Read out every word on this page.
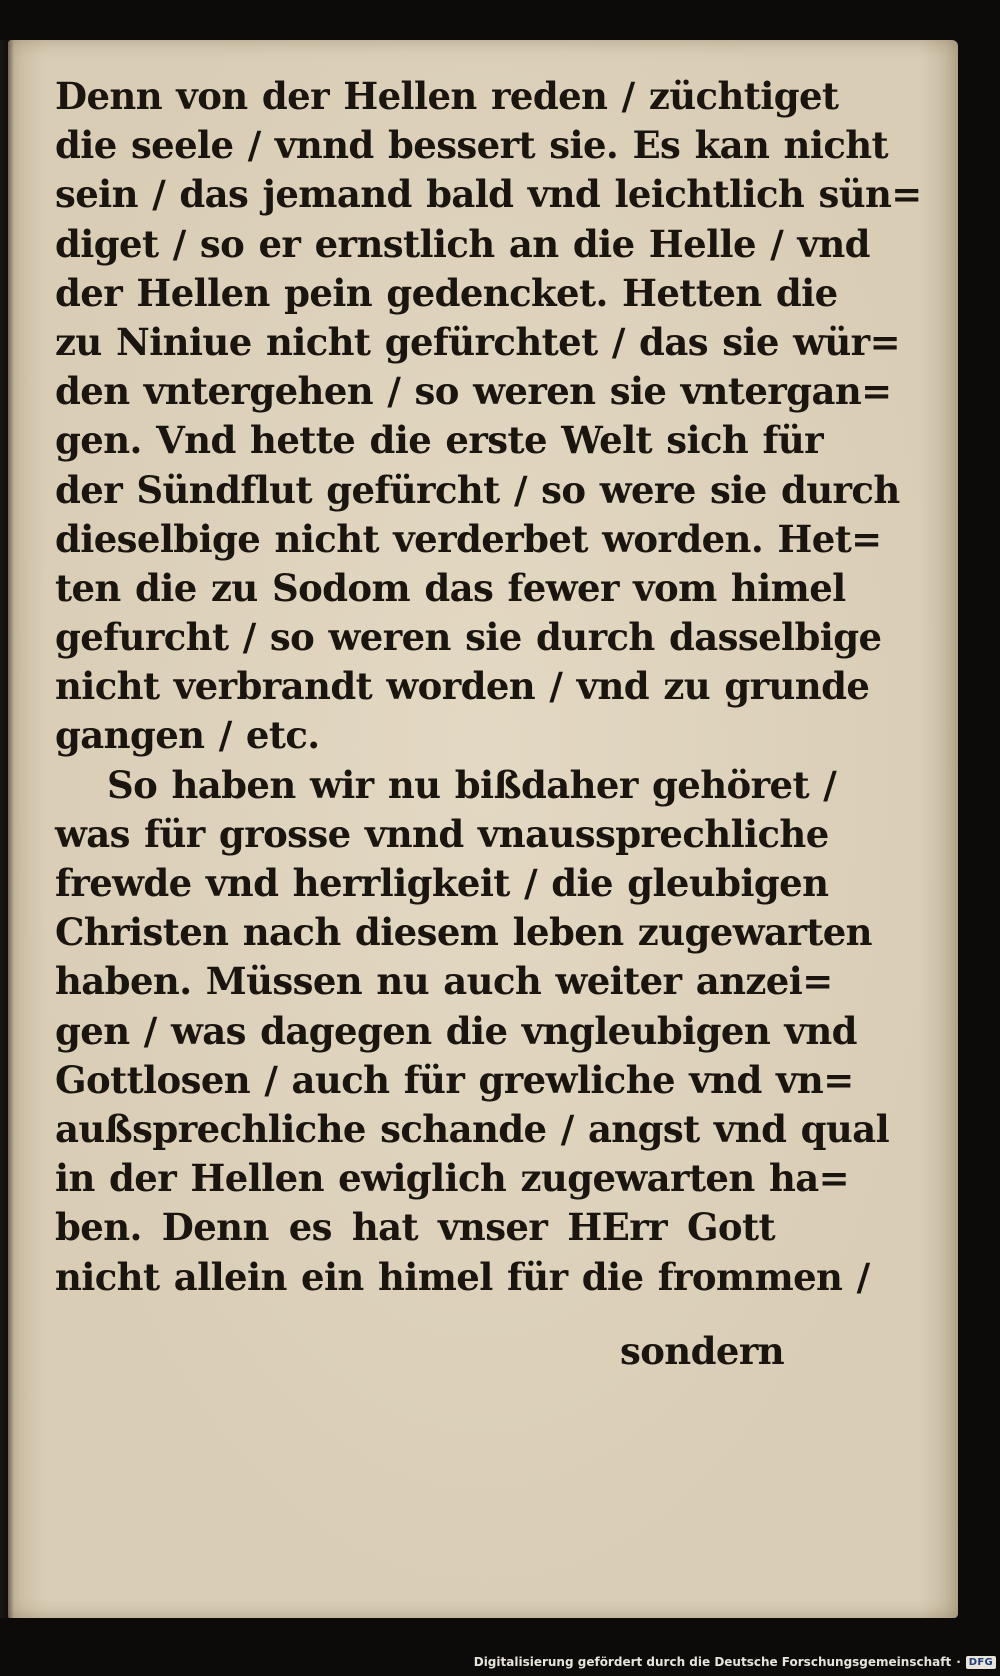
Denn von der Hellen reden / züchtiget
die seele / vnnd bessert sie. Es kan nicht
sein / das jemand bald vnd leichtlich sün=
diget / so er ernstlich an die Helle / vnd
der Hellen pein gedencket. Hetten die
zu Niniue nicht gefürchtet / das sie wür=
den vntergehen / so weren sie vntergan=
gen. Vnd hette die erste Welt sich für
der Sündflut gefürcht / so were sie durch
dieselbige nicht verderbet worden. Het=
ten die zu Sodom das fewer vom himel
gefurcht / so weren sie durch dasselbige
nicht verbrandt worden / vnd zu grunde
gangen / etc.
So haben wir nu bißdaher gehöret /
was für grosse vnnd vnaussprechliche
frewde vnd herrligkeit / die gleubigen
Christen nach diesem leben zugewarten
haben. Müssen nu auch weiter anzei=
gen / was dagegen die vngleubigen vnd
Gottlosen / auch für grewliche vnd vn=
außsprechliche schande / angst vnd qual
in der Hellen ewiglich zugewarten ha=
ben. Denn es hat vnser HErr Gott
nicht allein ein himel für die frommen /
sondern
Digitalisierung gefördert durch die Deutsche Forschungsgemeinschaft · DFG
